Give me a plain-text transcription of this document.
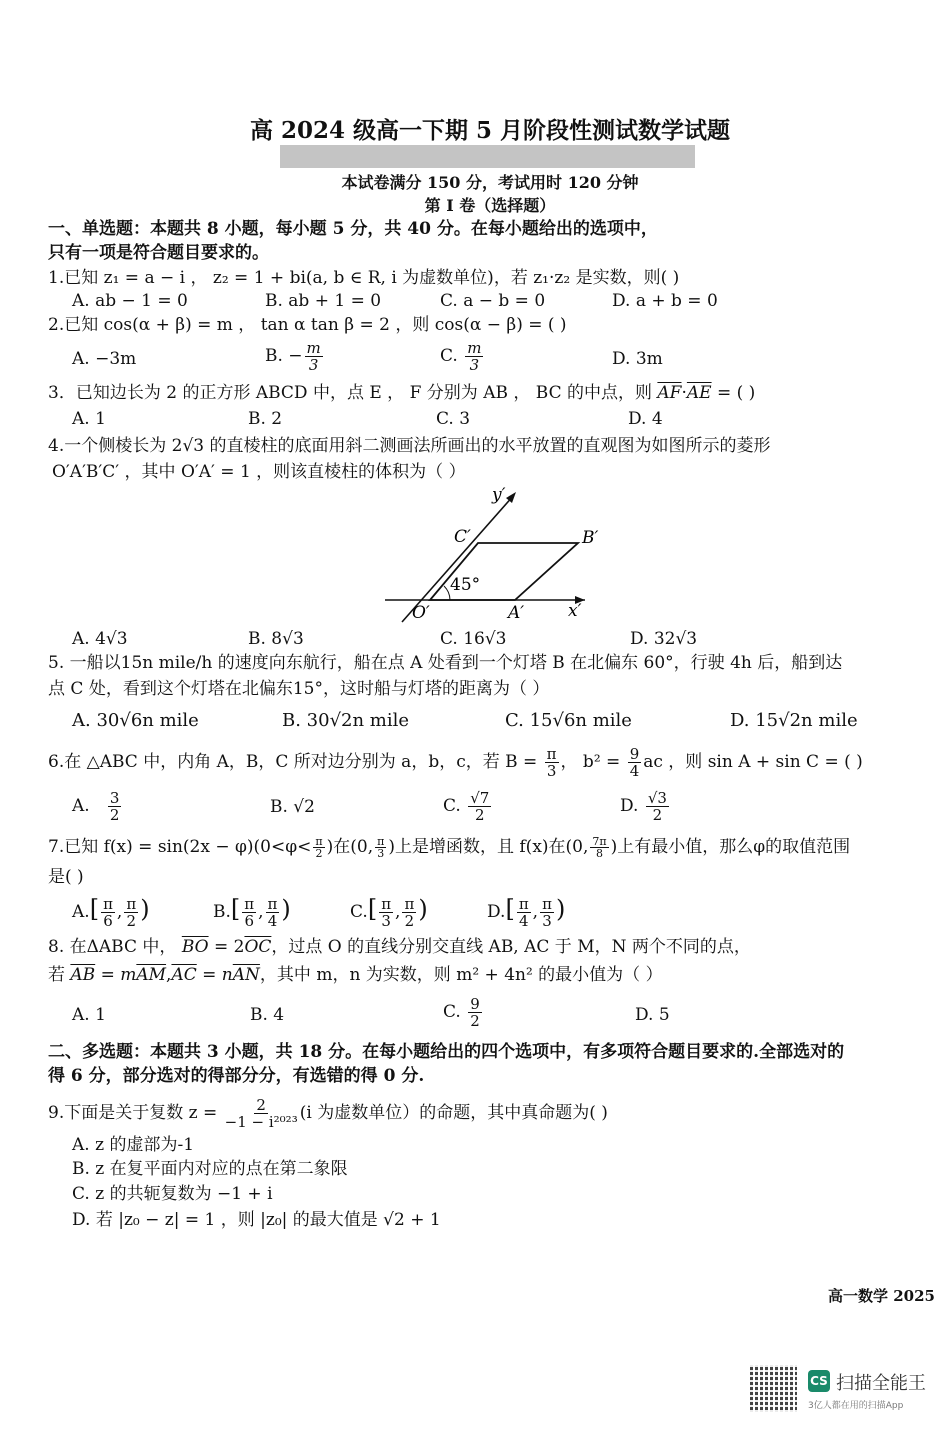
高 2024 级高一下期 5 月阶段性测试数学试题
本试卷满分 150 分，考试用时 120 分钟
第 I 卷（选择题）
一、单选题：本题共 8 小题，每小题 5 分，共 40 分。在每小题给出的选项中，
只有一项是符合题目要求的。
1.已知 z₁ = a − i ， z₂ = 1 + bi(a, b ∈ R, i 为虚数单位)，若 z₁·z₂ 是实数，则( )
A. ab − 1 = 0	B. ab + 1 = 0	C. a − b = 0	D. a + b = 0
2.已知 cos(α + β) = m ， tan α tan β = 2 ，则 cos(α − β) = ( )
A. −3m	B. − $\frac{m}{3}$	C. $\frac{m}{3}$	D. 3m
3．已知边长为 2 的正方形 ABCD 中，点 E ， F 分别为 AB ， BC 的中点，则 $\overline{AF}\cdot\overline{AE}$ = ( )
A. 1	B. 2	C. 3	D. 4
4.一个侧棱长为 2√3 的直棱柱的底面用斜二测画法所画出的水平放置的直观图为如图所示的菱形
O′A′B′C′ ，其中 O′A′ = 1 ，则该直棱柱的体积为（ ）
y′
C′	B′
45°
O′	A′	x′
A. 4√3	B. 8√3	C. 16√3	D. 32√3
5. 一船以15n mile/h 的速度向东航行，船在点 A 处看到一个灯塔 B 在北偏东 60°，行驶 4h 后，船到达
点 C 处，看到这个灯塔在北偏东15°，这时船与灯塔的距离为（ ）
A. 30√6n mile	B. 30√2n mile	C. 15√6n mile	D. 15√2n mile
6.在 △ABC 中，内角 A，B，C 所对边分别为 a，b，c，若 $B = \frac{\pi}{3}$ ， $b^2 = \frac{9}{4}$ ac ，则 sin A + sin C = ( )
A. $\frac{3}{2}$	B. √2	C. $\frac{√7}{2}$	D. $\frac{√3}{2}$
7.已知 $f(x) = \sin(2x - \varphi)(0<\varphi< \frac{\pi}{2}$ )在(0, $\frac{\pi}{3}$ )上是增函数，且 f(x)在(0, $\frac{7\pi}{8}$ )上有最小值，那么φ的取值范围
是( )
$A.[ \frac{\pi}{6}$ , $\frac{\pi}{2}$ )	$B.[ \frac{\pi}{6}$ , $\frac{\pi}{4}$ )	$C.[ \frac{\pi}{3}$ , $\frac{\pi}{2}$ )	$D.[ \frac{\pi}{4}$ , $\frac{\pi}{3}$ )
8. 在ΔABC 中， $\overline{BO} = 2\overline{OC}$，过点 O 的直线分别交直线 AB, AC 于 M，N 两个不同的点，
若 $\overline{AB} = m\overline{AM},\overline{AC} = n\overline{AN}$，其中 m，n 为实数，则 m² + 4n² 的最小值为（ ）
A. 1	B. 4	C. $\frac{9}{2}$	D. 5
二、多选题：本题共 3 小题，共 18 分。在每小题给出的四个选项中，有多项符合题目要求的.全部选对的
得 6 分，部分选对的得部分分，有选错的得 0 分.
9.下面是关于复数 $z = \frac{2}{\text{−1 − i²⁰²³}} (i$ 为虚数单位）的命题，其中真命题为( )
A. z 的虚部为-1
B. z 在复平面内对应的点在第二象限
C. z 的共轭复数为 −1 + i
D. 若 |z₀ − z| = 1 ，则 |z₀| 的最大值是 √2 + 1
高一数学 2025
CS 扫描全能王
3亿人都在用的扫描App
